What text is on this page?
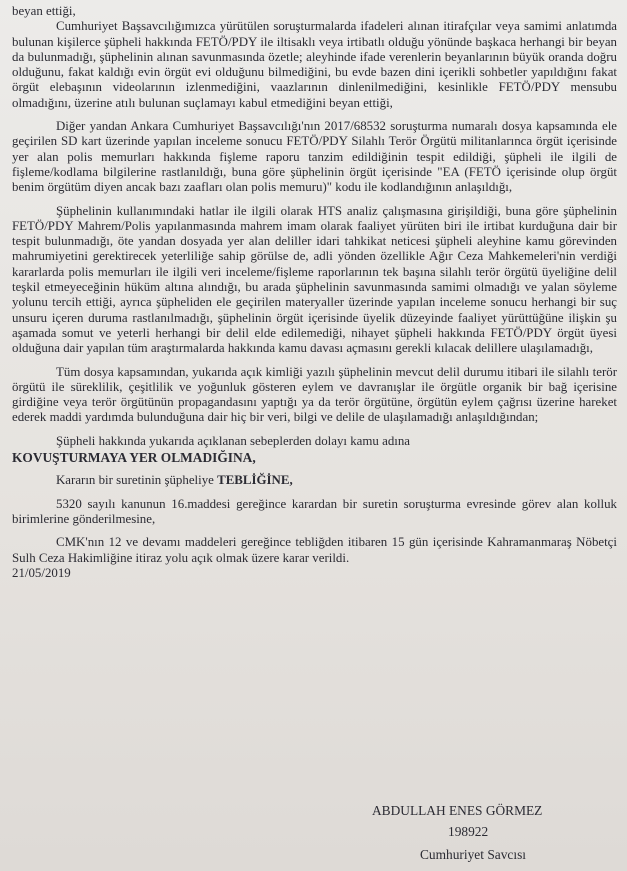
beyan ettiği,

Cumhuriyet Başsavcılığımızca yürütülen soruşturmalarda ifadeleri alınan itirafçılar veya samimi anlatımda bulunan kişilerce şüpheli hakkında FETÖ/PDY ile iltisaklı veya irtibatlı olduğu yönünde başkaca herhangi bir beyan da bulunmadığı, şüphelinin alınan savunmasında özetle; aleyhinde ifade verenlerin beyanlarının büyük oranda doğru olduğunu, fakat kaldığı evin örgüt evi olduğunu bilmediğini, bu evde bazen dini içerikli sohbetler yapıldığını fakat örgüt elebaşının videolarının izlenmediğini, vaazlarının dinlenilmediğini, kesinlikle FETÖ/PDY mensubu olmadığını, üzerine atılı bulunan suçlamayı kabul etmediğini beyan ettiği,

Diğer yandan Ankara Cumhuriyet Başsavcılığı'nın 2017/68532 soruşturma numaralı dosya kapsamında ele geçirilen SD kart üzerinde yapılan inceleme sonucu FETÖ/PDY Silahlı Terör Örgütü militanlarınca örgüt içerisinde yer alan polis memurları hakkında fişleme raporu tanzim edildiğinin tespit edildiği, şüpheli ile ilgili de fişleme/kodlama bilgilerine rastlanıldığı, buna göre şüphelinin örgüt içerisinde "EA (FETÖ içerisinde olup örgüt benim örgütüm diyen ancak bazı zaafları olan polis memuru)" kodu ile kodlandığının anlaşıldığı,

Şüphelinin kullanımındaki hatlar ile ilgili olarak HTS analiz çalışmasına girişildiği, buna göre şüphelinin FETÖ/PDY Mahrem/Polis yapılanmasında mahrem imam olarak faaliyet yürüten biri ile irtibat kurduğuna dair bir tespit bulunmadığı, öte yandan dosyada yer alan deliller idari tahkikat neticesi şüpheli aleyhine kamu görevinden mahrumiyetini gerektirecek yeterliliğe sahip görülse de, adli yönden özellikle Ağır Ceza Mahkemeleri'nin verdiği kararlarda polis memurları ile ilgili veri inceleme/fişleme raporlarının tek başına silahlı terör örgütü üyeliğine delil teşkil etmeyeceğinin hüküm altına alındığı, bu arada şüphelinin savunmasında samimi olmadığı ve yalan söyleme yolunu tercih ettiği, ayrıca şüpheliden ele geçirilen materyaller üzerinde yapılan inceleme sonucu herhangi bir suç unsuru içeren duruma rastlanılmadığı, şüphelinin örgüt içerisinde üyelik düzeyinde faaliyet yürüttüğüne ilişkin şu aşamada somut ve yeterli herhangi bir delil elde edilemediği, nihayet şüpheli hakkında FETÖ/PDY örgüt üyesi olduğuna dair yapılan tüm araştırmalarda hakkında kamu davası açmasını gerekli kılacak delillere ulaşılamadığı,

Tüm dosya kapsamından, yukarıda açık kimliği yazılı şüphelinin mevcut delil durumu itibari ile silahlı terör örgütü ile süreklilik, çeşitlilik ve yoğunluk gösteren eylem ve davranışlar ile örgütle organik bir bağ içerisine girdiğine veya terör örgütünün propagandasını yaptığı ya da terör örgütüne, örgütün eylem çağrısı üzerine hareket ederek maddi yardımda bulunduğuna dair hiç bir veri, bilgi ve delile de ulaşılamadığı anlaşıldığından;

Şüpheli hakkında yukarıda açıklanan sebeplerden dolayı kamu adına

KOVUŞTURMAYA YER OLMADIĞINA,

Kararın bir suretinin şüpheliye TEBLİĞİNE,

5320 sayılı kanunun 16.maddesi gereğince karardan bir suretin soruşturma evresinde görev alan kolluk birimlerine gönderilmesine,

CMK'nın 12 ve devamı maddeleri gereğince tebliğden itibaren 15 gün içerisinde Kahramanmaraş Nöbetçi Sulh Ceza Hakimliğine itiraz yolu açık olmak üzere karar verildi.

21/05/2019

ABDULLAH ENES GÖRMEZ
198922
Cumhuriyet Savcısı
